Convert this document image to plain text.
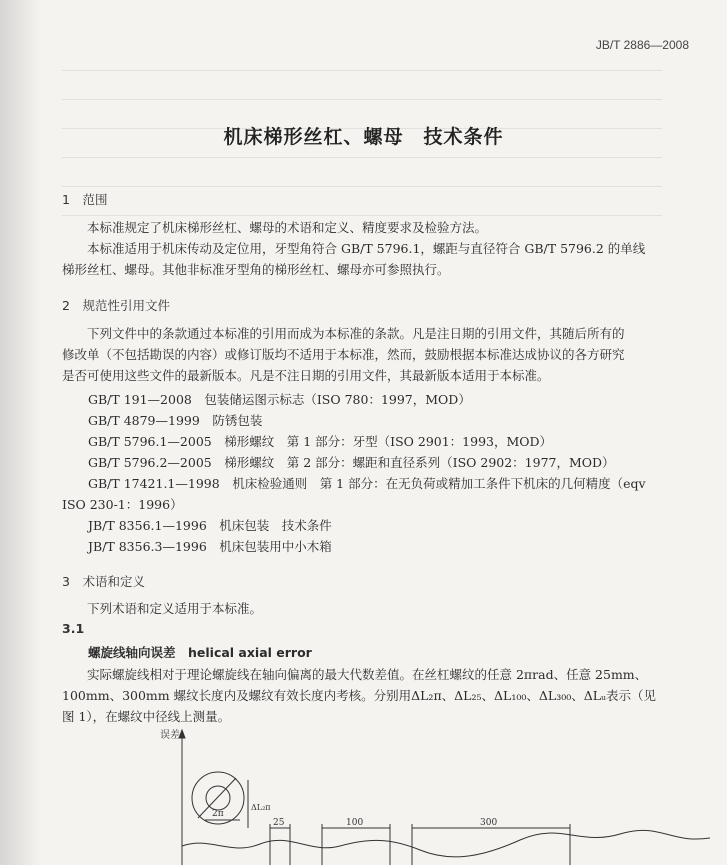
JB/T 2886—2008
机床梯形丝杠、螺母　技术条件
1　范围
本标准规定了机床梯形丝杠、螺母的术语和定义、精度要求及检验方法。
本标准适用于机床传动及定位用，牙型角符合 GB/T 5796.1，螺距与直径符合 GB/T 5796.2 的单线
梯形丝杠、螺母。其他非标准牙型角的梯形丝杠、螺母亦可参照执行。
2　规范性引用文件
下列文件中的条款通过本标准的引用而成为本标准的条款。凡是注日期的引用文件，其随后所有的
修改单（不包括勘误的内容）或修订版均不适用于本标准，然而，鼓励根据本标准达成协议的各方研究
是否可使用这些文件的最新版本。凡是不注日期的引用文件，其最新版本适用于本标准。
GB/T 191—2008　包装储运图示标志（ISO 780：1997，MOD）
GB/T 4879—1999　防锈包装
GB/T 5796.1—2005　梯形螺纹　第 1 部分：牙型（ISO 2901：1993，MOD）
GB/T 5796.2—2005　梯形螺纹　第 2 部分：螺距和直径系列（ISO 2902：1977，MOD）
GB/T 17421.1—1998　机床检验通则　第 1 部分：在无负荷或精加工条件下机床的几何精度（eqv
ISO 230-1：1996）
JB/T 8356.1—1996　机床包装　技术条件
JB/T 8356.3—1996　机床包装用中小木箱
3　术语和定义
下列术语和定义适用于本标准。
3.1
螺旋线轴向误差　helical axial error
实际螺旋线相对于理论螺旋线在轴向偏离的最大代数差值。在丝杠螺纹的任意 2πrad、任意 25mm、
100mm、300mm 螺纹长度内及螺纹有效长度内考核。分别用ΔL₂π、ΔL₂₅、ΔL₁₀₀、ΔL₃₀₀、ΔLᵤ表示（见
图 1），在螺纹中径线上测量。
误差
2π
ΔL₂π
25	100	300
